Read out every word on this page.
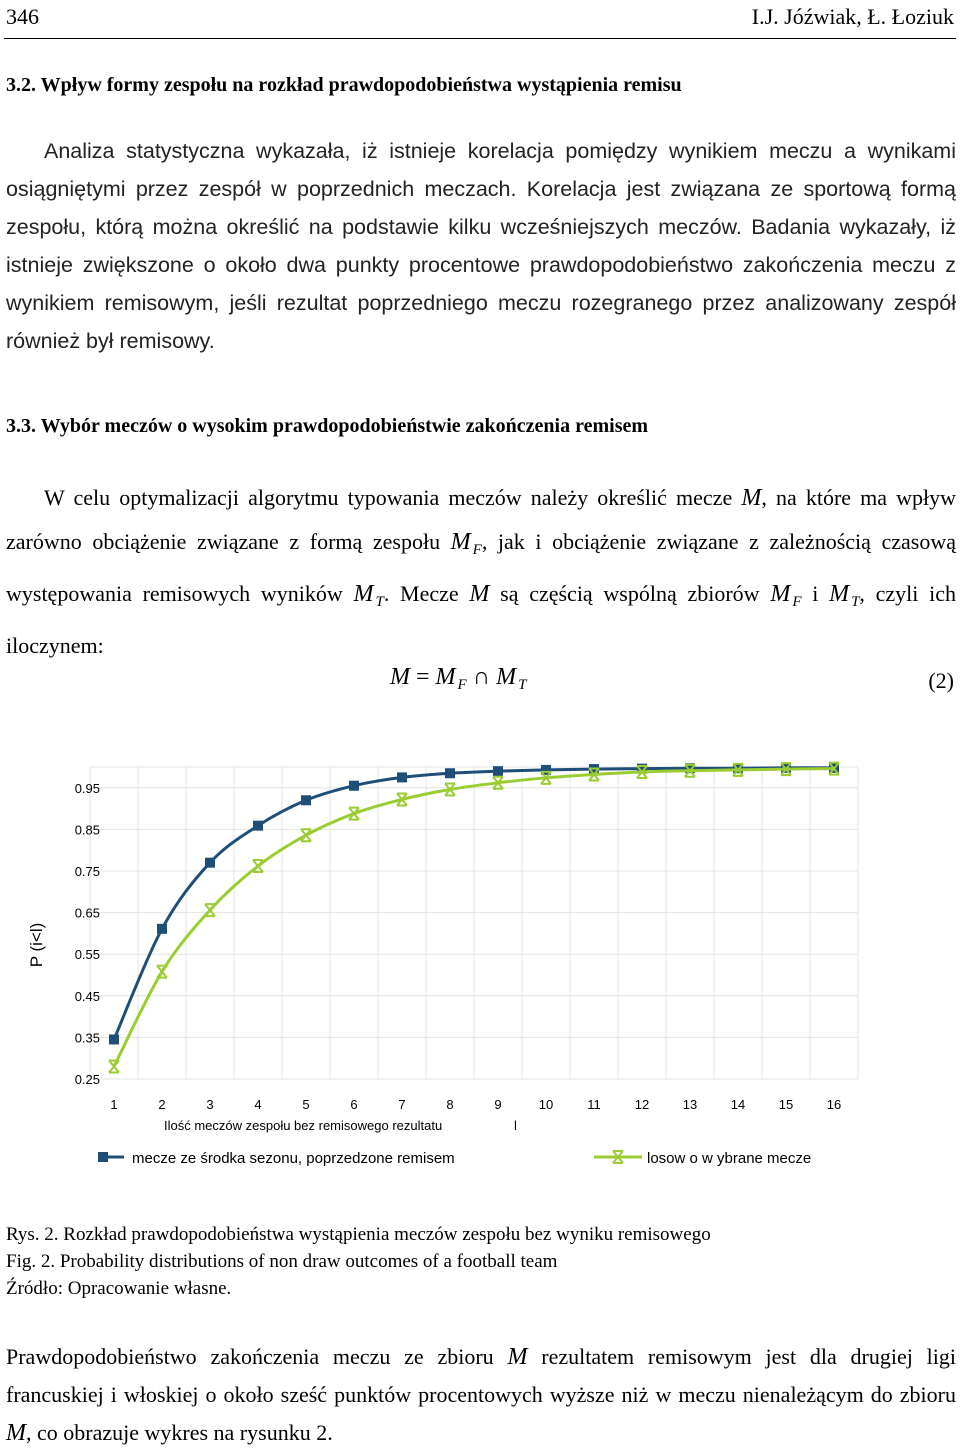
346	I.J. Jóźwiak, Ł. Łoziuk
3.2. Wpływ formy zespołu na rozkład prawdopodobieństwa wystąpienia remisu

Analiza statystyczna wykazała, iż istnieje korelacja pomiędzy wynikiem meczu a wynikami osiągniętymi przez zespół w poprzednich meczach. Korelacja jest związana ze sportową formą zespołu, którą można określić na podstawie kilku wcześniejszych meczów. Badania wykazały, iż istnieje zwiększone o około dwa punkty procentowe prawdopodobieństwo zakończenia meczu z wynikiem remisowym, jeśli rezultat poprzedniego meczu rozegranego przez analizowany zespół również był remisowy.

3.3. Wybór meczów o wysokim prawdopodobieństwie zakończenia remisem

W celu optymalizacji algorytmu typowania meczów należy określić mecze M, na które ma wpływ zarówno obciążenie związane z formą zespołu M $_F$, jak i obciążenie związane z zależnością czasową występowania remisowych wyników M $_T$. Mecze M są częścią wspólną zbiorów M $_F$ i M $_T$, czyli ich iloczynem:

M = M $_F$ ∩ M $_T$	(2)
0.25
0.35
0.45
0.55
0.65
0.75
0.85
0.95
1	2	3	4	5	6	7	8	9	10	11	12	13	14	15	16
P (i<l)
Ilość meczów zespołu bez remisowego rezultatu	l
mecze ze środka sezonu, poprzedzone remisem	losow o w ybrane mecze

Rys. 2. Rozkład prawdopodobieństwa wystąpienia meczów zespołu bez wyniku remisowego

Fig. 2. Probability distributions of non draw outcomes of a football team

Źródło: Opracowanie własne.

Prawdopodobieństwo zakończenia meczu ze zbioru M rezultatem remisowym jest dla drugiej ligi francuskiej i włoskiej o około sześć punktów procentowych wyższe niż w meczu nienależącym do zbioru M, co obrazuje wykres na rysunku 2.
